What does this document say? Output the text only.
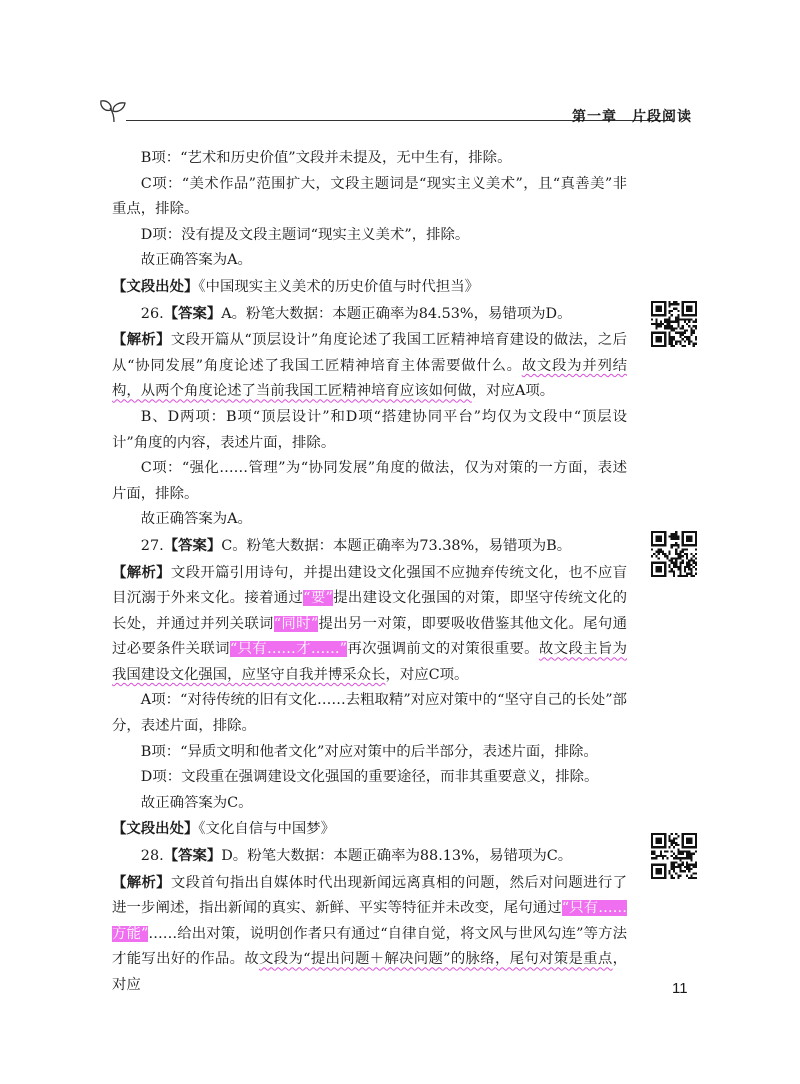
第一章　片段阅读

B项：“艺术和历史价值”文段并未提及，无中生有，排除。

C项：“美术作品”范围扩大，文段主题词是“现实主义美术”，且“真善美”非重点，排除。

D项：没有提及文段主题词“现实主义美术”，排除。

故正确答案为A。

【文段出处】《中国现实主义美术的历史价值与时代担当》

26.【答案】A。粉笔大数据：本题正确率为84.53%，易错项为D。

【解析】文段开篇从“顶层设计”角度论述了我国工匠精神培育建设的做法，之后从“协同发展”角度论述了我国工匠精神培育主体需要做什么。故文段为并列结构，从两个角度论述了当前我国工匠精神培育应该如何做，对应A项。

B、D两项：B项“顶层设计”和D项“搭建协同平台”均仅为文段中“顶层设计”角度的内容，表述片面，排除。

C项：“强化……管理”为“协同发展”角度的做法，仅为对策的一方面，表述片面，排除。

故正确答案为A。

27.【答案】C。粉笔大数据：本题正确率为73.38%，易错项为B。

【解析】文段开篇引用诗句，并提出建设文化强国不应抛弃传统文化，也不应盲目沉溺于外来文化。接着通过“要”提出建设文化强国的对策，即坚守传统文化的长处，并通过并列关联词“同时”提出另一对策，即要吸收借鉴其他文化。尾句通过必要条件关联词“只有……才……”再次强调前文的对策很重要。故文段主旨为我国建设文化强国，应坚守自我并博采众长，对应C项。

A项：“对待传统的旧有文化……去粗取精”对应对策中的“坚守自己的长处”部分，表述片面，排除。

B项：“异质文明和他者文化”对应对策中的后半部分，表述片面，排除。

D项：文段重在强调建设文化强国的重要途径，而非其重要意义，排除。

故正确答案为C。

【文段出处】《文化自信与中国梦》

28.【答案】D。粉笔大数据：本题正确率为88.13%，易错项为C。

【解析】文段首句指出自媒体时代出现新闻远离真相的问题，然后对问题进行了进一步阐述，指出新闻的真实、新鲜、平实等特征并未改变，尾句通过“只有……方能”……给出对策，说明创作者只有通过“自律自觉，将文风与世风勾连”等方法才能写出好的作品。故文段为“提出问题＋解决问题”的脉络，尾句对策是重点，对应	11
